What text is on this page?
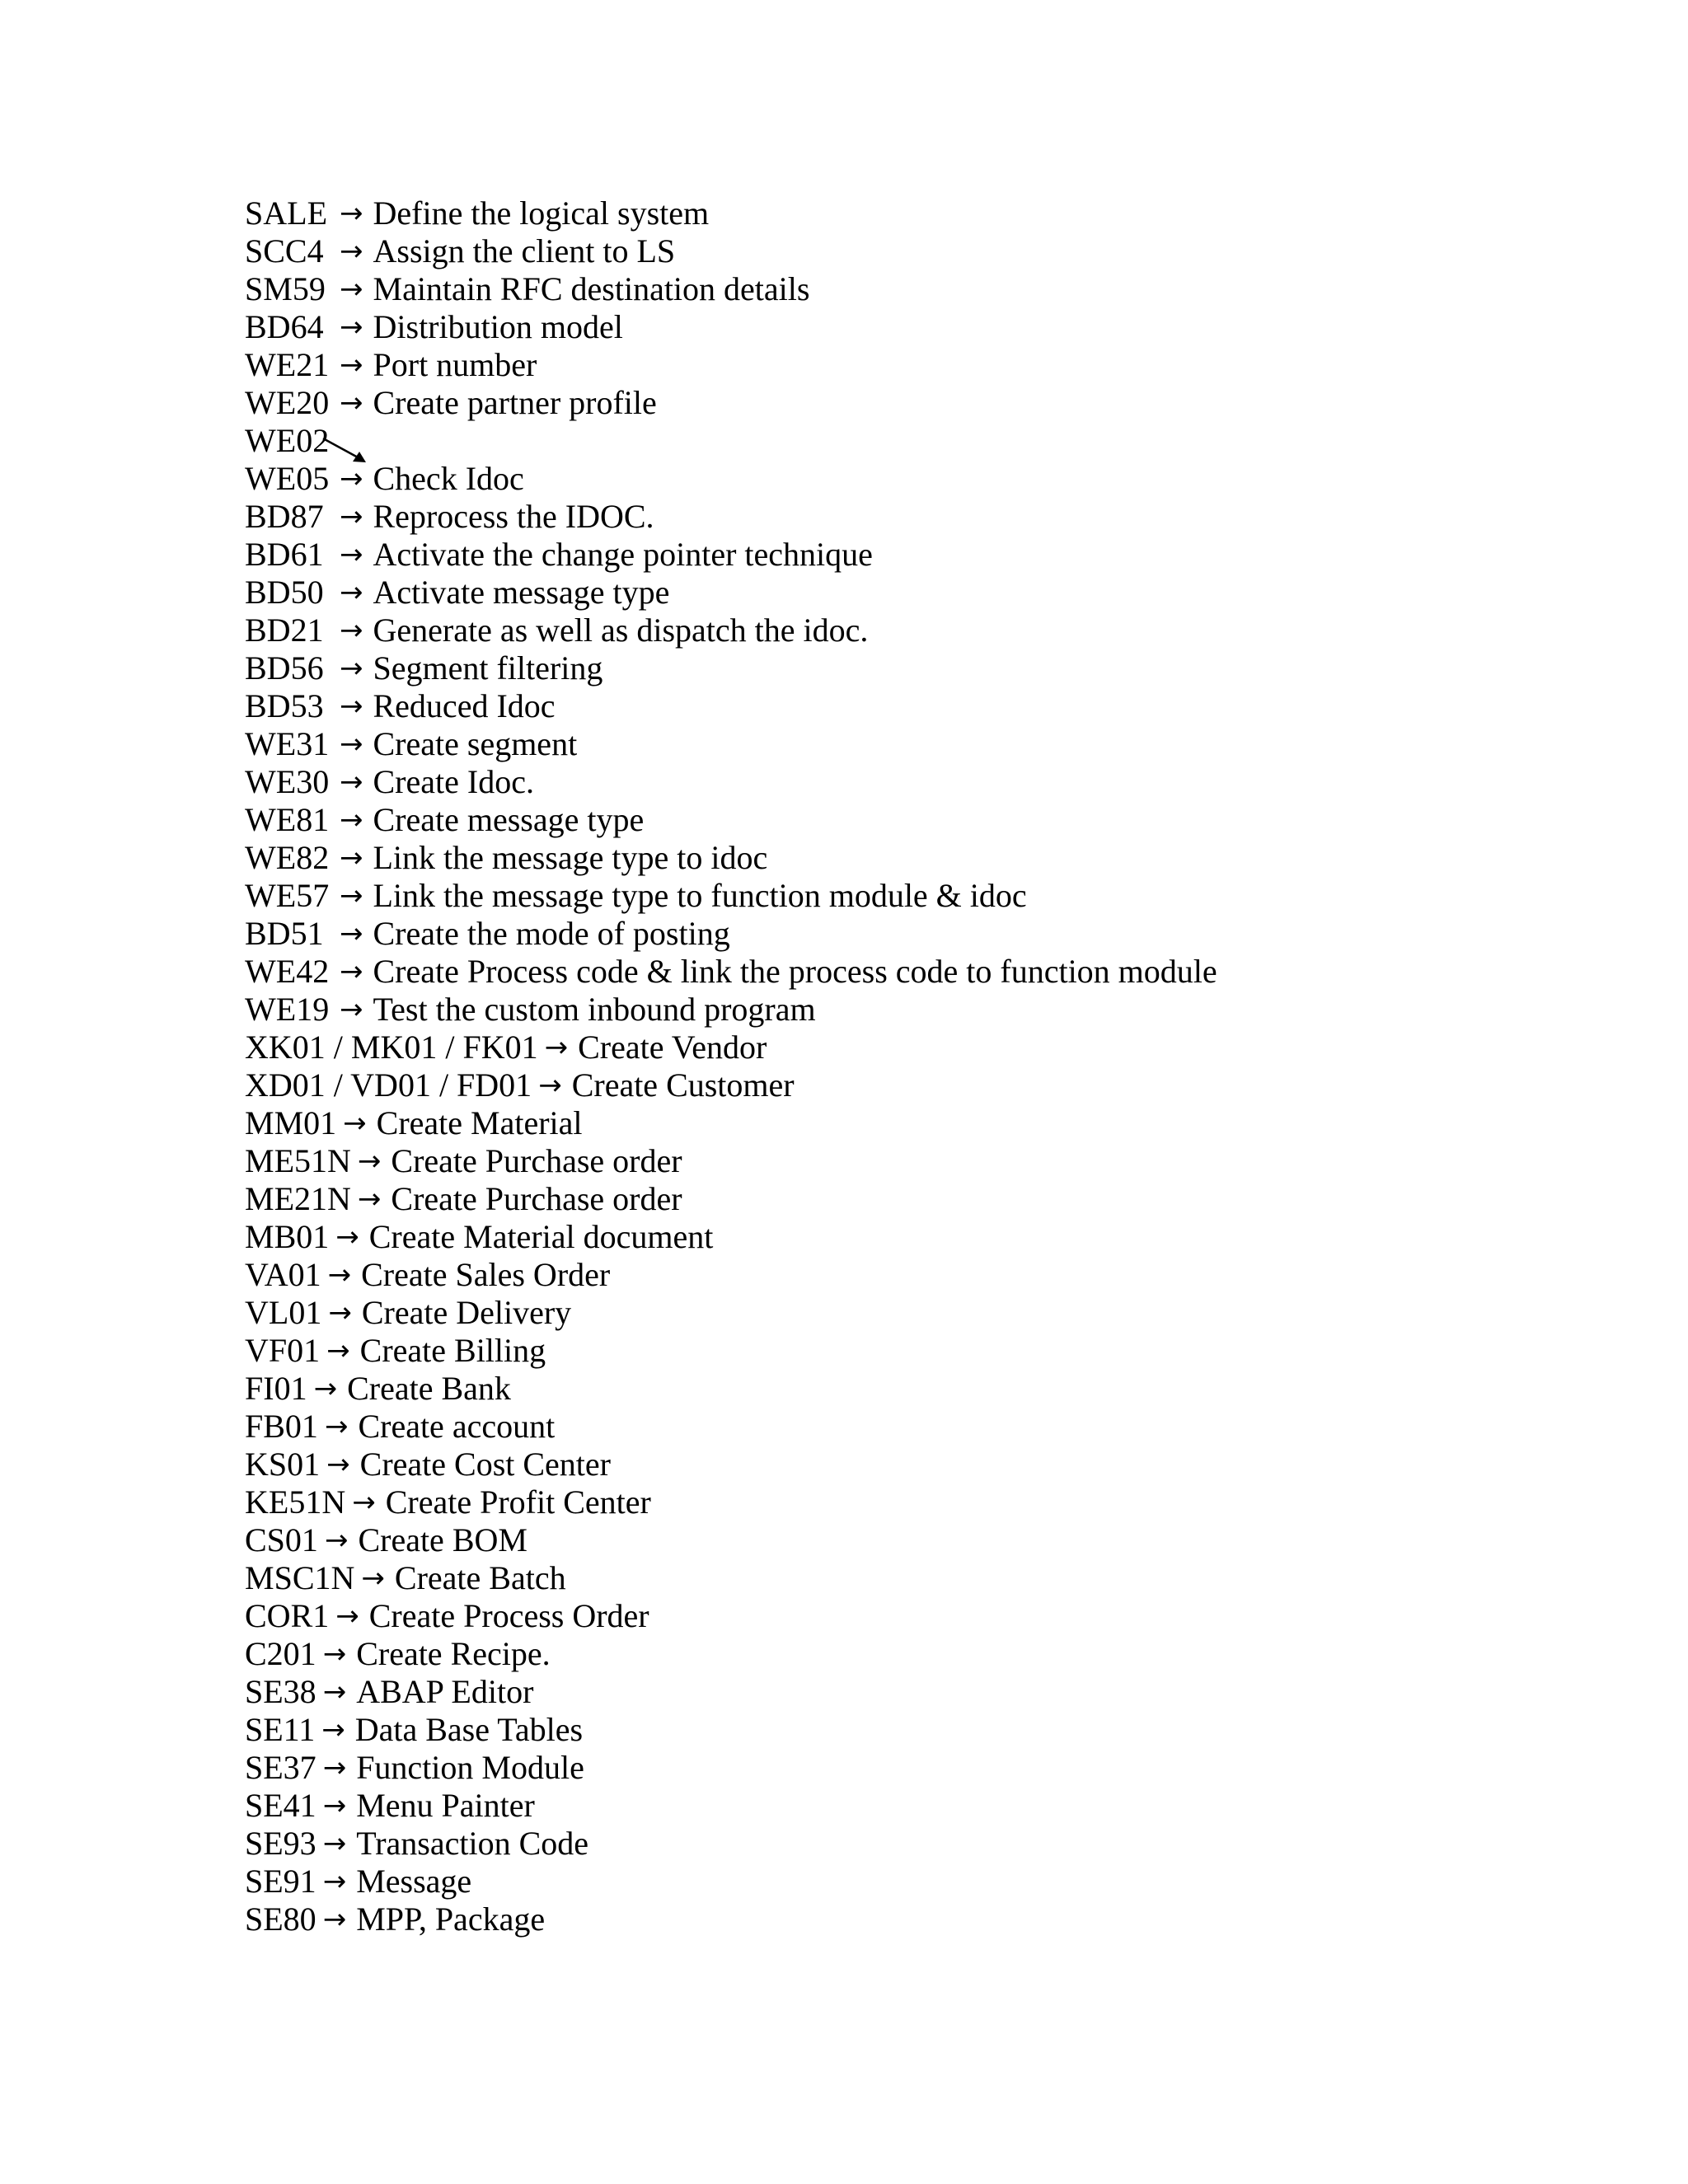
SALE → Define the logical system
SCC4 → Assign the client to LS
SM59 → Maintain RFC destination details
BD64 → Distribution model
WE21 → Port number
WE20 → Create partner profile
WE02
WE05 → Check Idoc
BD87 → Reprocess the IDOC.
BD61 → Activate the change pointer technique
BD50 → Activate message type
BD21 → Generate as well as dispatch the idoc.
BD56 → Segment filtering
BD53 → Reduced Idoc
WE31 → Create segment
WE30 → Create Idoc.
WE81 → Create message type
WE82 → Link the message type to idoc
WE57 → Link the message type to function module & idoc
BD51 → Create the mode of posting
WE42 → Create Process code & link the process code to function module
WE19 → Test the custom inbound program
XK01 / MK01 / FK01 → Create Vendor
XD01 / VD01 / FD01 → Create Customer
MM01 → Create Material
ME51N → Create Purchase order
ME21N → Create Purchase order
MB01 → Create Material document
VA01 → Create Sales Order
VL01 → Create Delivery
VF01 → Create Billing
FI01 → Create Bank
FB01 → Create account
KS01 → Create Cost Center
KE51N → Create Profit Center
CS01 → Create BOM
MSC1N → Create Batch
COR1 → Create Process Order
C201 → Create Recipe.
SE38 → ABAP Editor
SE11 → Data Base Tables
SE37 → Function Module
SE41 → Menu Painter
SE93 → Transaction Code
SE91 → Message
SE80 → MPP, Package
